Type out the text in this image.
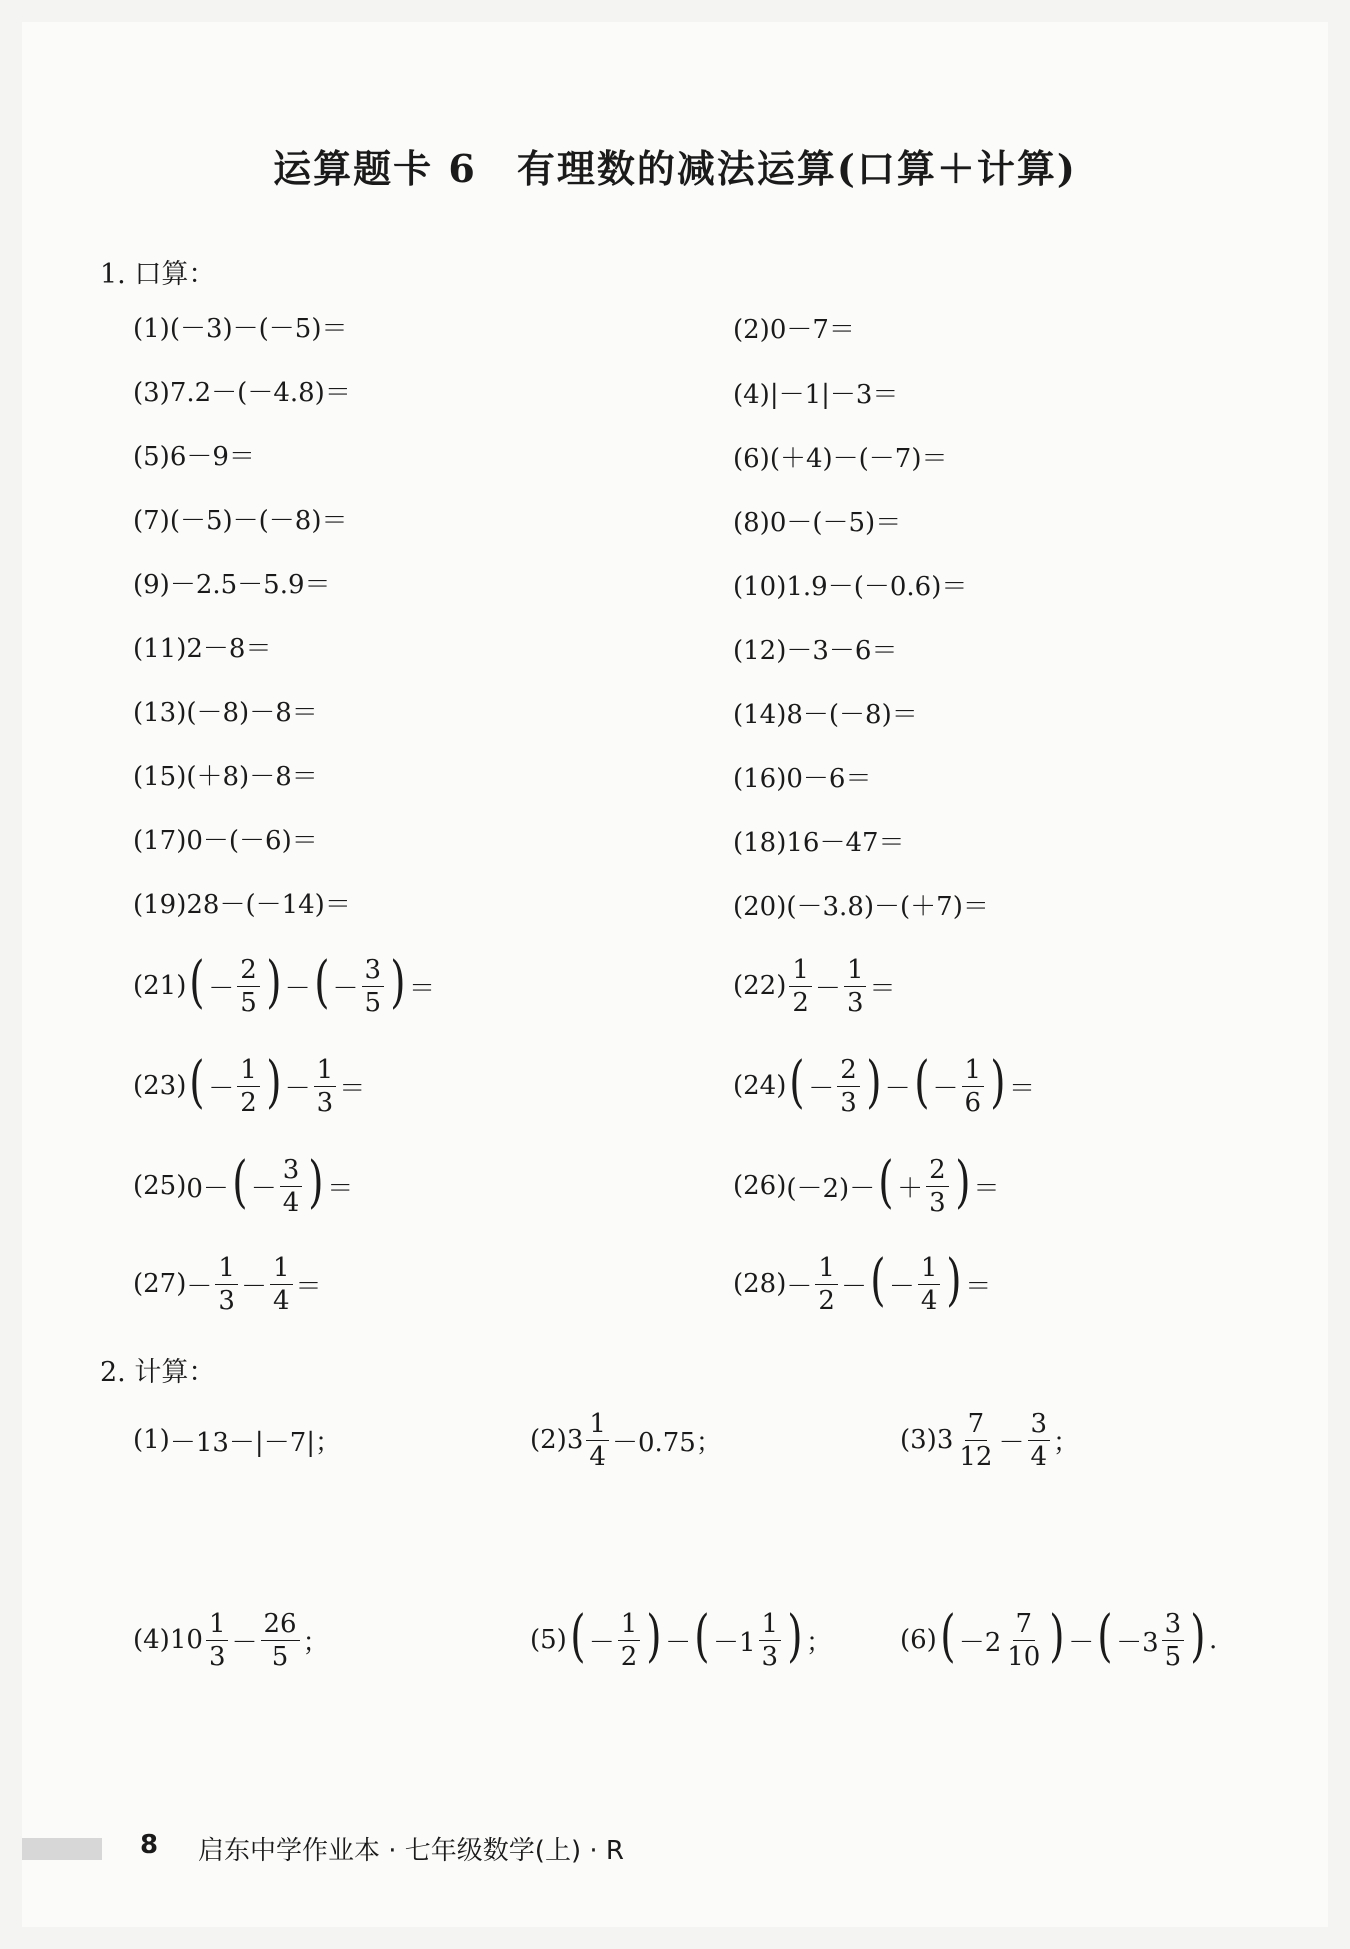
运算题卡 6　有理数的减法运算(口算＋计算)
1. 口算：
(1)(－3)－(－5)＝	(2)0－7＝
(3)7.2－(－4.8)＝	(4)|－1|－3＝
(5)6－9＝	(6)(＋4)－(－7)＝
(7)(－5)－(－8)＝	(8)0－(－5)＝
(9)－2.5－5.9＝	(10)1.9－(－0.6)＝
(11)2－8＝	(12)－3－6＝
(13)(－8)－8＝	(14)8－(－8)＝
(15)(＋8)－8＝	(16)0－6＝
(17)0－(－6)＝	(18)16－47＝
(19)28－(－14)＝	(20)(－3.8)－(＋7)＝
(21) ( － $\frac{2}{5}$ ) － ( － $\frac{3}{5}$ ) ＝	$(22) \frac{1}{2} - \frac{1}{3}$ ＝
(23) ( － $\frac{1}{2}$ ) － $\frac{1}{3}$ ＝	(24) ( － $\frac{2}{3}$ ) － ( － $\frac{1}{6}$ ) ＝
(25) 0－ ( － $\frac{3}{4}$ ) ＝	(26) (－2)－ ( ＋ $\frac{2}{3}$ ) ＝
$(27) - \frac{1}{3} - \frac{1}{4}$ ＝	$(28) - \frac{1}{2}$ － ( － $\frac{1}{4}$ ) ＝
2. 计算：
(1) －13－|－7|；	(2) $3 \frac{1}{4} -0.75$；	(3) $3 \frac{7}{12} - \frac{3}{4}$ ；
(4) $10 \frac{1}{3} - \frac{26}{5}$ ；	(5) ( － $\frac{1}{2}$ ) － ( $-1 \frac{1}{3}$ ) ；	(6) ( $-2 \frac{7}{10}$ ) － ( $-3 \frac{3}{5}$ ) .
8 启东中学作业本 · 七年级数学(上) · R
